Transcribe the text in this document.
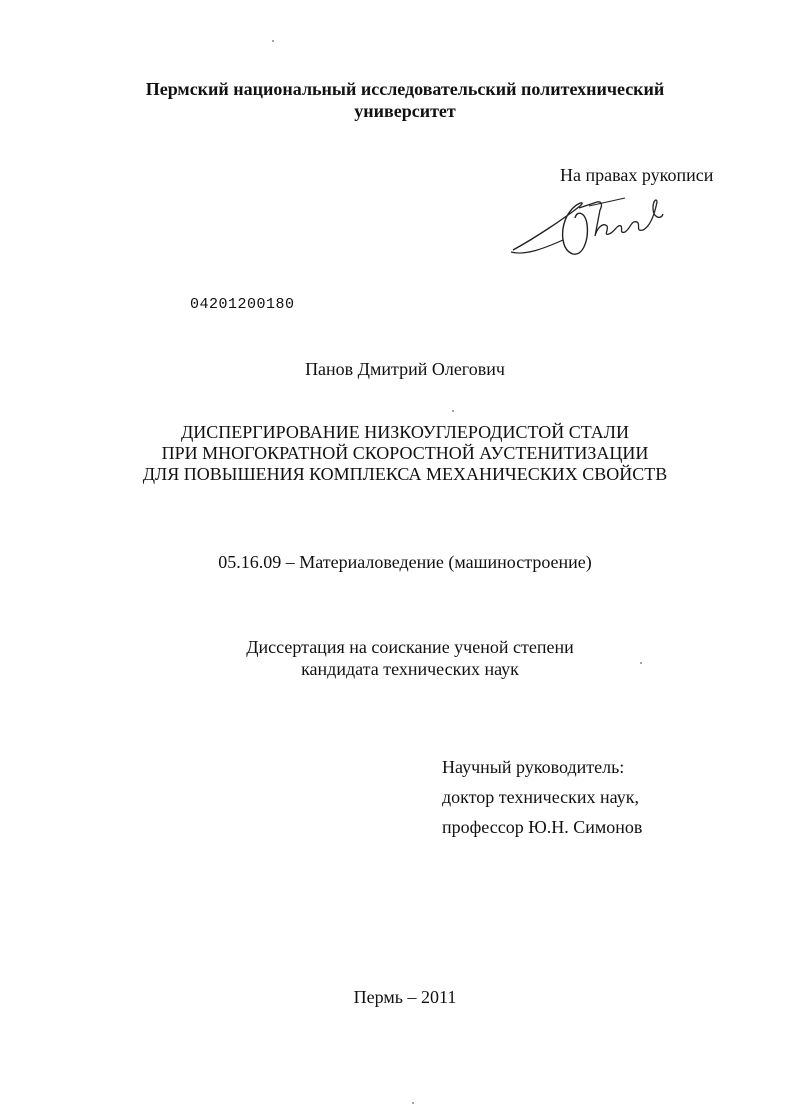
Пермский национальный исследовательский политехнический
университет
На правах рукописи
04201200180
Панов Дмитрий Олегович
ДИСПЕРГИРОВАНИЕ НИЗКОУГЛЕРОДИСТОЙ СТАЛИ
ПРИ МНОГОКРАТНОЙ СКОРОСТНОЙ АУСТЕНИТИЗАЦИИ
ДЛЯ ПОВЫШЕНИЯ КОМПЛЕКСА МЕХАНИЧЕСКИХ СВОЙСТВ
05.16.09 – Материаловедение (машиностроение)
Диссертация на соискание ученой степени
кандидата технических наук
Научный руководитель:
доктор технических наук,
профессор Ю.Н. Симонов
Пермь – 2011
